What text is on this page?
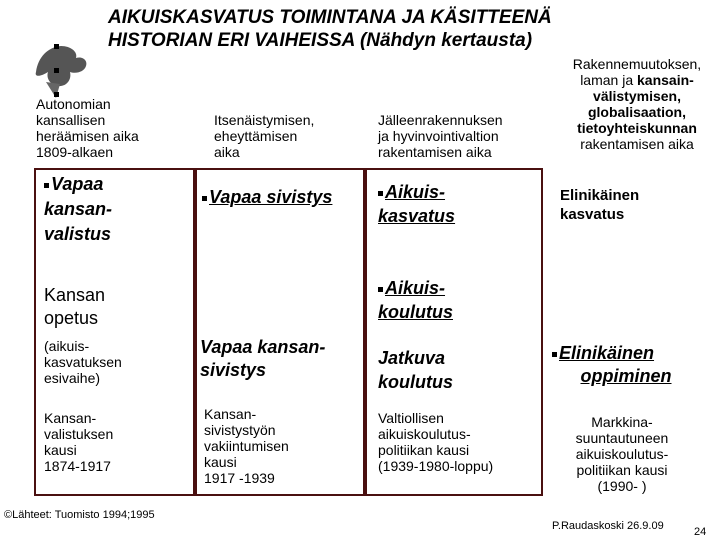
AIKUISKASVATUS TOIMINTANA JA KÄSITTEENÄ
HISTORIAN ERI VAIHEISSA (Nähdyn kertausta)
Autonomian
kansallisen
heräämisen aika
1809-alkaen
Itsenäistymisen,
eheyttämisen
aika
Jälleenrakennuksen
ja hyvinvointivaltion
rakentamisen aika
Rakennemuutoksen,
laman ja kansain-
välistymisen,
globalisaation,
tietoyhteiskunnan
rakentamisen aika
Vapaa
kansan-
valistus
Kansan
opetus
(aikuis-
kasvatuksen
esivaihe)
Kansan-
valistuksen
kausi
1874-1917
Vapaa sivistys
Vapaa kansan-
sivistys
Kansan-
sivistystyön
vakiintumisen
kausi
1917 -1939
Aikuis-
kasvatus
Aikuis-
koulutus
Jatkuva
koulutus
Valtiollisen
aikuiskoulutus-
politiikan kausi
(1939-1980-loppu)
Elinikäinen
kasvatus
Elinikäinen
oppiminen
Markkina-
suuntautuneen
aikuiskoulutus-
politiikan kausi
(1990- )
©Lähteet: Tuomisto 1994;1995
P.Raudaskoski 26.9.09	24
